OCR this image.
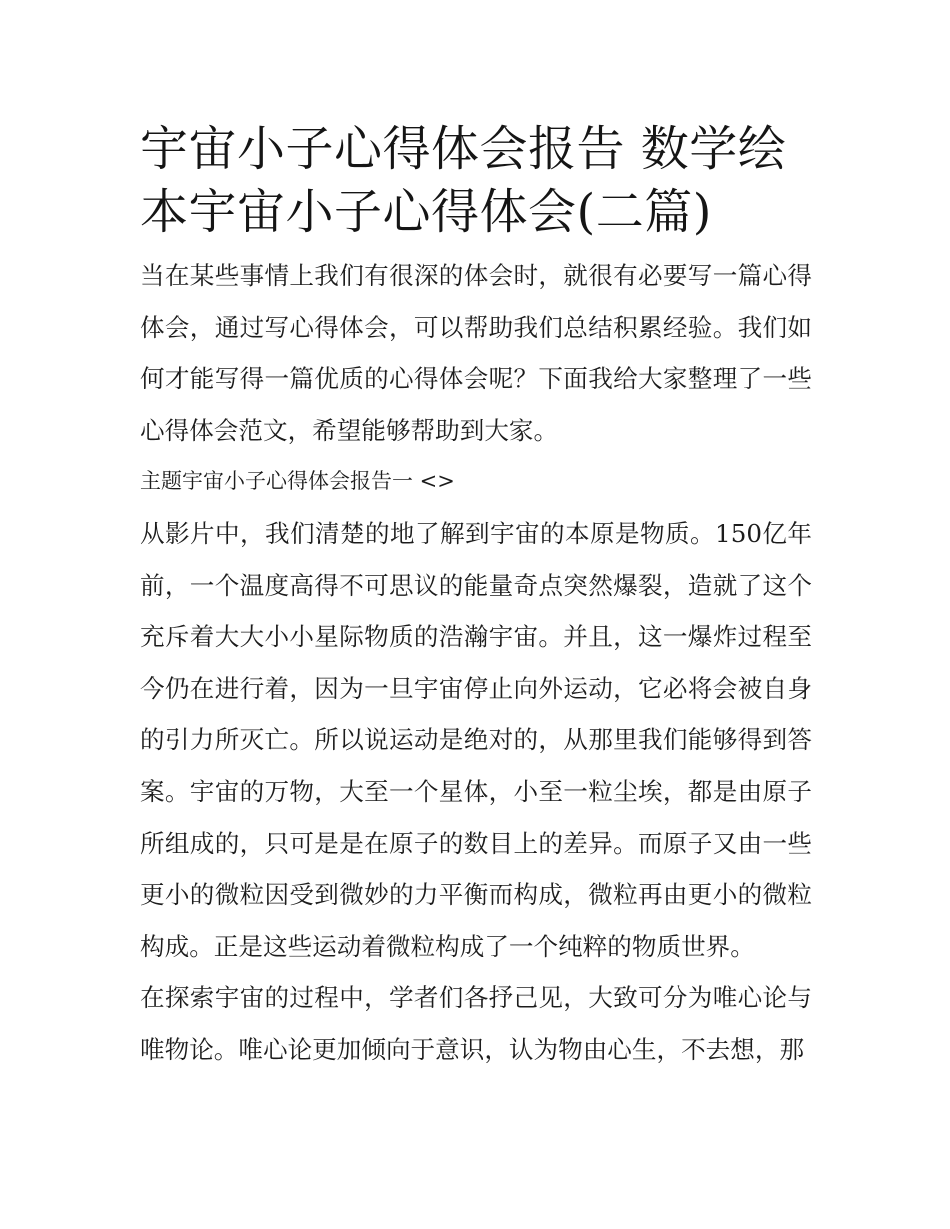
宇宙小子心得体会报告 数学绘本宇宙小子心得体会(二篇)

当在某些事情上我们有很深的体会时，就很有必要写一篇心得体会，通过写心得体会，可以帮助我们总结积累经验。我们如何才能写得一篇优质的心得体会呢？下面我给大家整理了一些心得体会范文，希望能够帮助到大家。

主题宇宙小子心得体会报告一 <>

从影片中，我们清楚的地了解到宇宙的本原是物质。150亿年前，一个温度高得不可思议的能量奇点突然爆裂，造就了这个充斥着大大小小星际物质的浩瀚宇宙。并且，这一爆炸过程至今仍在进行着，因为一旦宇宙停止向外运动，它必将会被自身的引力所灭亡。所以说运动是绝对的，从那里我们能够得到答案。宇宙的万物，大至一个星体，小至一粒尘埃，都是由原子所组成的，只可是是在原子的数目上的差异。而原子又由一些更小的微粒因受到微妙的力平衡而构成，微粒再由更小的微粒构成。正是这些运动着微粒构成了一个纯粹的物质世界。

在探索宇宙的过程中，学者们各抒己见，大致可分为唯心论与唯物论。唯心论更加倾向于意识，认为物由心生，不去想，那
